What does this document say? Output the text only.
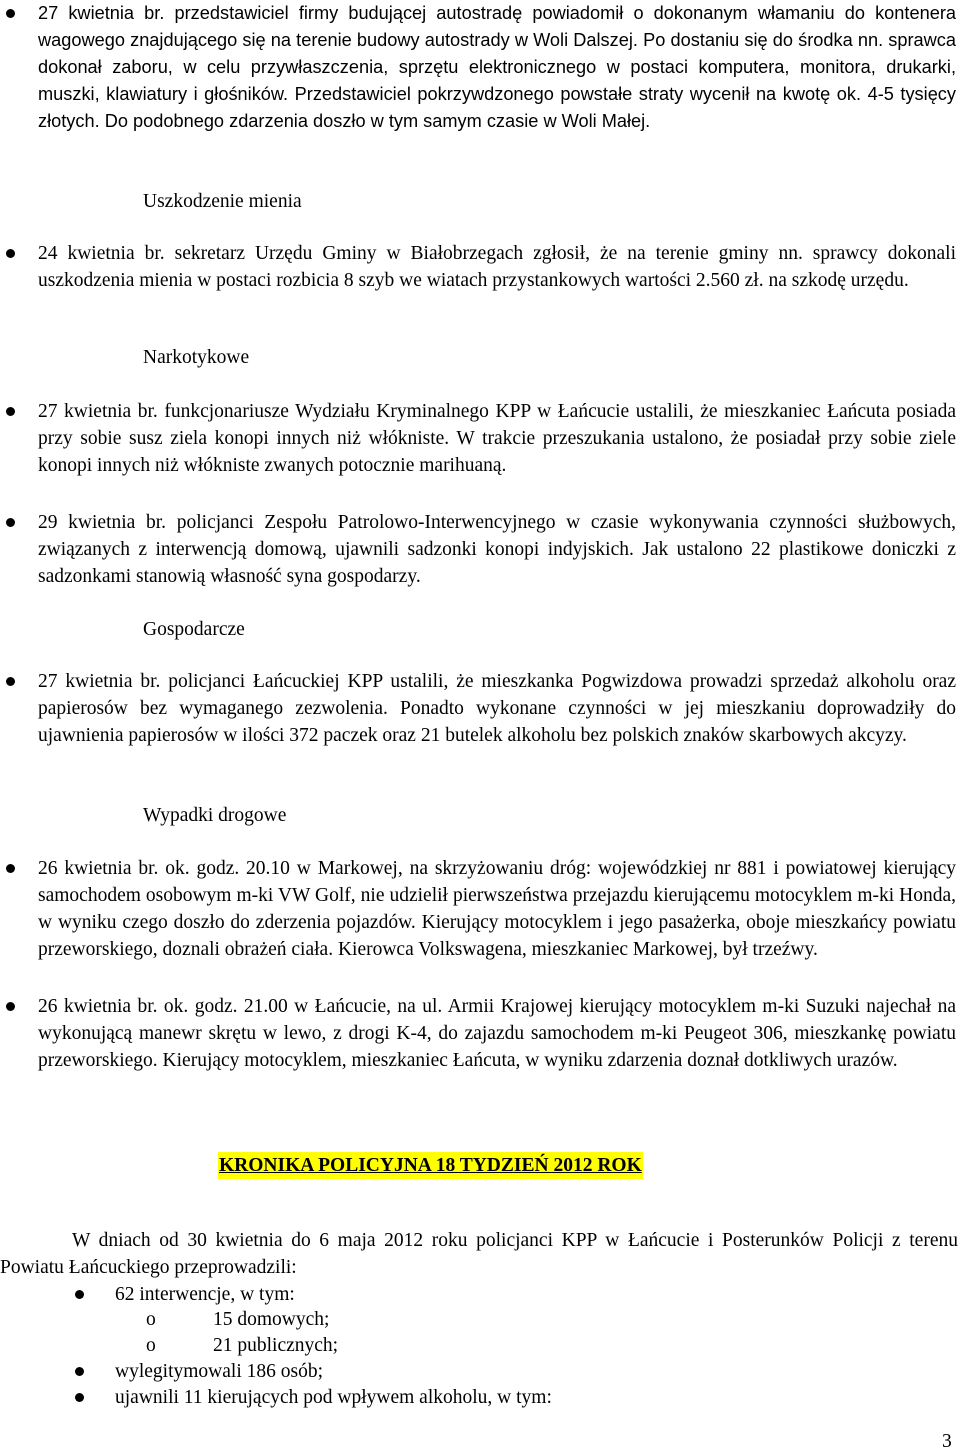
27 kwietnia br. przedstawiciel firmy budującej autostradę powiadomił o dokonanym włamaniu do kontenera wagowego znajdującego się na terenie budowy autostrady w Woli Dalszej. Po dostaniu się do środka nn. sprawca dokonał zaboru, w celu przywłaszczenia, sprzętu elektronicznego w postaci komputera, monitora, drukarki, muszki, klawiatury i głośników. Przedstawiciel pokrzywdzonego powstałe straty wycenił na kwotę ok. 4-5 tysięcy złotych. Do podobnego zdarzenia doszło w tym samym czasie w Woli Małej.
Uszkodzenie mienia
24 kwietnia br. sekretarz Urzędu Gminy w Białobrzegach zgłosił, że na terenie gminy nn. sprawcy dokonali uszkodzenia mienia w postaci rozbicia 8 szyb we wiatach przystankowych wartości 2.560 zł. na szkodę urzędu.
Narkotykowe
27 kwietnia br. funkcjonariusze Wydziału Kryminalnego KPP w Łańcucie ustalili, że mieszkaniec Łańcuta posiada przy sobie susz ziela konopi innych niż włókniste. W trakcie przeszukania ustalono, że posiadał przy sobie ziele konopi innych niż włókniste zwanych potocznie marihuaną.
29 kwietnia br. policjanci Zespołu Patrolowo-Interwencyjnego w czasie wykonywania czynności służbowych, związanych z interwencją domową, ujawnili sadzonki konopi indyjskich. Jak ustalono 22 plastikowe doniczki z sadzonkami stanowią własność syna gospodarzy.
Gospodarcze
27 kwietnia br. policjanci Łańcuckiej KPP ustalili, że mieszkanka Pogwizdowa prowadzi sprzedaż alkoholu oraz papierosów bez wymaganego zezwolenia. Ponadto wykonane czynności w jej mieszkaniu doprowadziły do ujawnienia papierosów w ilości 372 paczek oraz 21 butelek alkoholu bez polskich znaków skarbowych akcyzy.
Wypadki drogowe
26 kwietnia br. ok. godz. 20.10 w Markowej, na skrzyżowaniu dróg: wojewódzkiej nr 881 i powiatowej kierujący samochodem osobowym m-ki VW Golf, nie udzielił pierwszeństwa przejazdu kierującemu motocyklem m-ki Honda, w wyniku czego doszło do zderzenia pojazdów. Kierujący motocyklem i jego pasażerka, oboje mieszkańcy powiatu przeworskiego, doznali obrażeń ciała. Kierowca Volkswagena, mieszkaniec Markowej, był trzeźwy.
26 kwietnia br. ok. godz. 21.00 w Łańcucie, na ul. Armii Krajowej kierujący motocyklem m-ki Suzuki najechał na wykonującą manewr skrętu w lewo, z drogi K-4, do zajazdu samochodem m-ki Peugeot 306, mieszkankę powiatu przeworskiego. Kierujący motocyklem, mieszkaniec Łańcuta, w wyniku zdarzenia doznał dotkliwych urazów.
KRONIKA POLICYJNA 18 TYDZIEŃ 2012 ROK
W dniach od 30 kwietnia do 6 maja 2012 roku policjanci KPP w Łańcucie i Posterunków Policji z terenu Powiatu Łańcuckiego przeprowadzili:
62 interwencje, w tym:
o	15 domowych;
o	21 publicznych;
wylegitymowali 186 osób;
ujawnili 11 kierujących pod wpływem alkoholu, w tym:
3
